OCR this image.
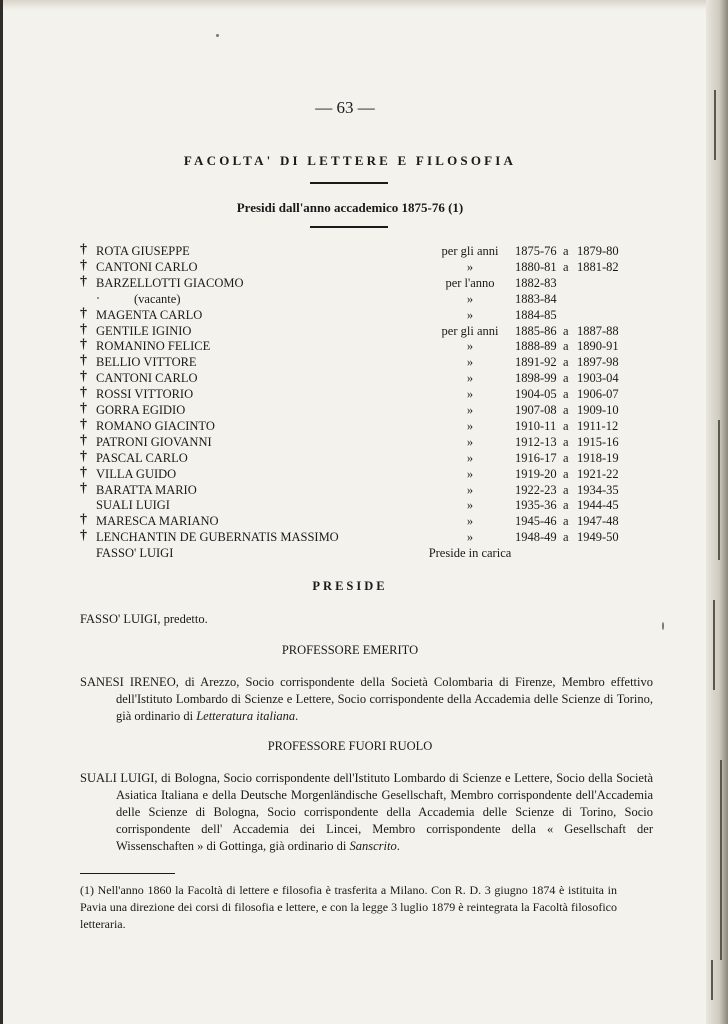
— 63 —
FACOLTA' DI LETTERE E FILOSOFIA
Presidi dall'anno accademico 1875-76 (1)
† ROTA GIUSEPPE	per gli anni	1875-76 a 1879-80
† CANTONI CARLO	»	1880-81 a 1881-82
† BARZELLOTTI GIACOMO	per l'anno	1882-83
(vacante)	»	1883-84
† MAGENTA CARLO	»	1884-85
† GENTILE IGINIO	per gli anni	1885-86 a 1887-88
† ROMANINO FELICE	»	1888-89 a 1890-91
† BELLIO VITTORE	»	1891-92 a 1897-98
† CANTONI CARLO	»	1898-99 a 1903-04
† ROSSI VITTORIO	»	1904-05 a 1906-07
† GORRA EGIDIO	»	1907-08 a 1909-10
† ROMANO GIACINTO	»	1910-11 a 1911-12
† PATRONI GIOVANNI	»	1912-13 a 1915-16
† PASCAL CARLO	»	1916-17 a 1918-19
† VILLA GUIDO	»	1919-20 a 1921-22
† BARATTA MARIO	»	1922-23 a 1934-35
SUALI LUIGI	»	1935-36 a 1944-45
† MARESCA MARIANO	»	1945-46 a 1947-48
† LENCHANTIN DE GUBERNATIS MASSIMO	»	1948-49 a 1949-50
FASSO' LUIGI	Preside in carica
PRESIDE
FASSO' LUIGI, predetto.
PROFESSORE EMERITO
SANESI IRENEO, di Arezzo, Socio corrispondente della Società Colombaria di Firenze, Membro effettivo dell'Istituto Lombardo di Scienze e Lettere, Socio corrispondente della Accademia delle Scienze di Torino, già ordinario di Letteratura italiana.
PROFESSORE FUORI RUOLO
SUALI LUIGI, di Bologna, Socio corrispondente dell'Istituto Lombardo di Scienze e Lettere, Socio della Società Asiatica Italiana e della Deutsche Morgenländische Gesellschaft, Membro corrispondente dell'Accademia delle Scienze di Bologna, Socio corrispondente della Accademia delle Scienze di Torino, Socio corrispondente dell' Accademia dei Lincei, Membro corrispondente della « Gesellschaft der Wissenschaften » di Gottinga, già ordinario di Sanscrito.
(1) Nell'anno 1860 la Facoltà di lettere e filosofia è trasferita a Milano. Con R. D. 3 giugno 1874 è istituita in Pavia una direzione dei corsi di filosofia e lettere, e con la legge 3 luglio 1879 è reintegrata la Facoltà filosofico letteraria.
